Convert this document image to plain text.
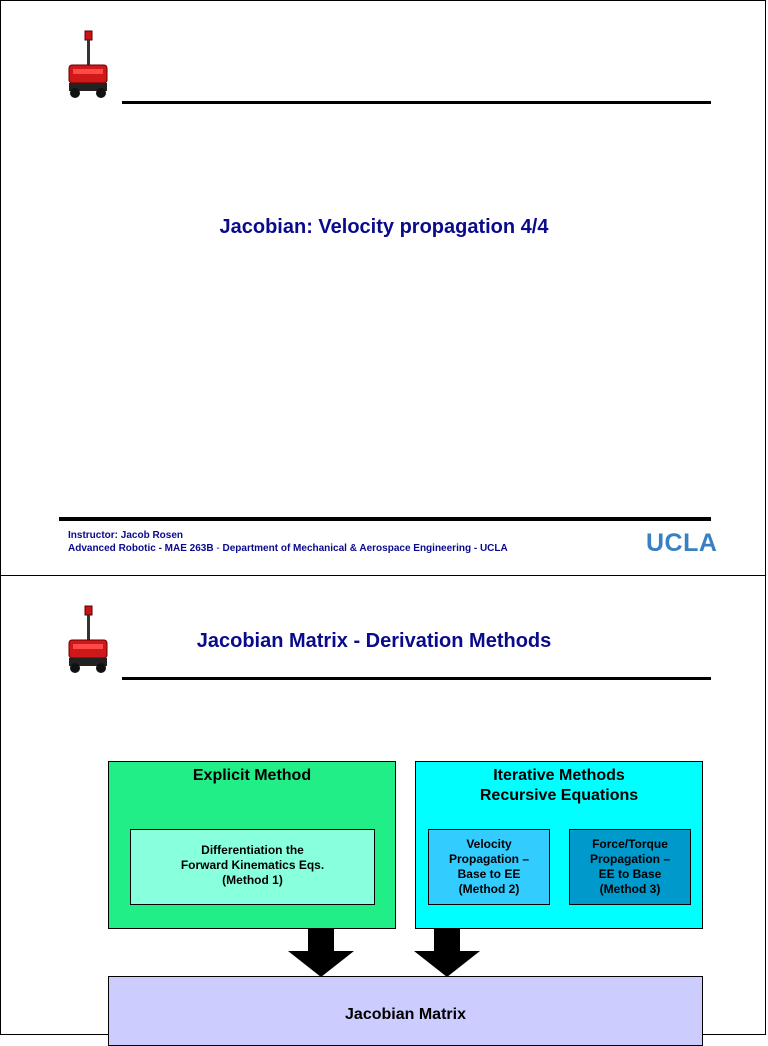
Jacobian: Velocity propagation 4/4
Instructor: Jacob Rosen
Advanced Robotic - MAE 263B - Department of Mechanical & Aerospace Engineering - UCLA	UCLA
Jacobian Matrix - Derivation Methods
Explicit Method
Differentiation the
Forward Kinematics Eqs.
(Method 1)
Iterative Methods
Recursive Equations
Velocity
Propagation –
Base to EE
(Method 2)
Force/Torque
Propagation –
EE to Base
(Method 3)
Jacobian Matrix
